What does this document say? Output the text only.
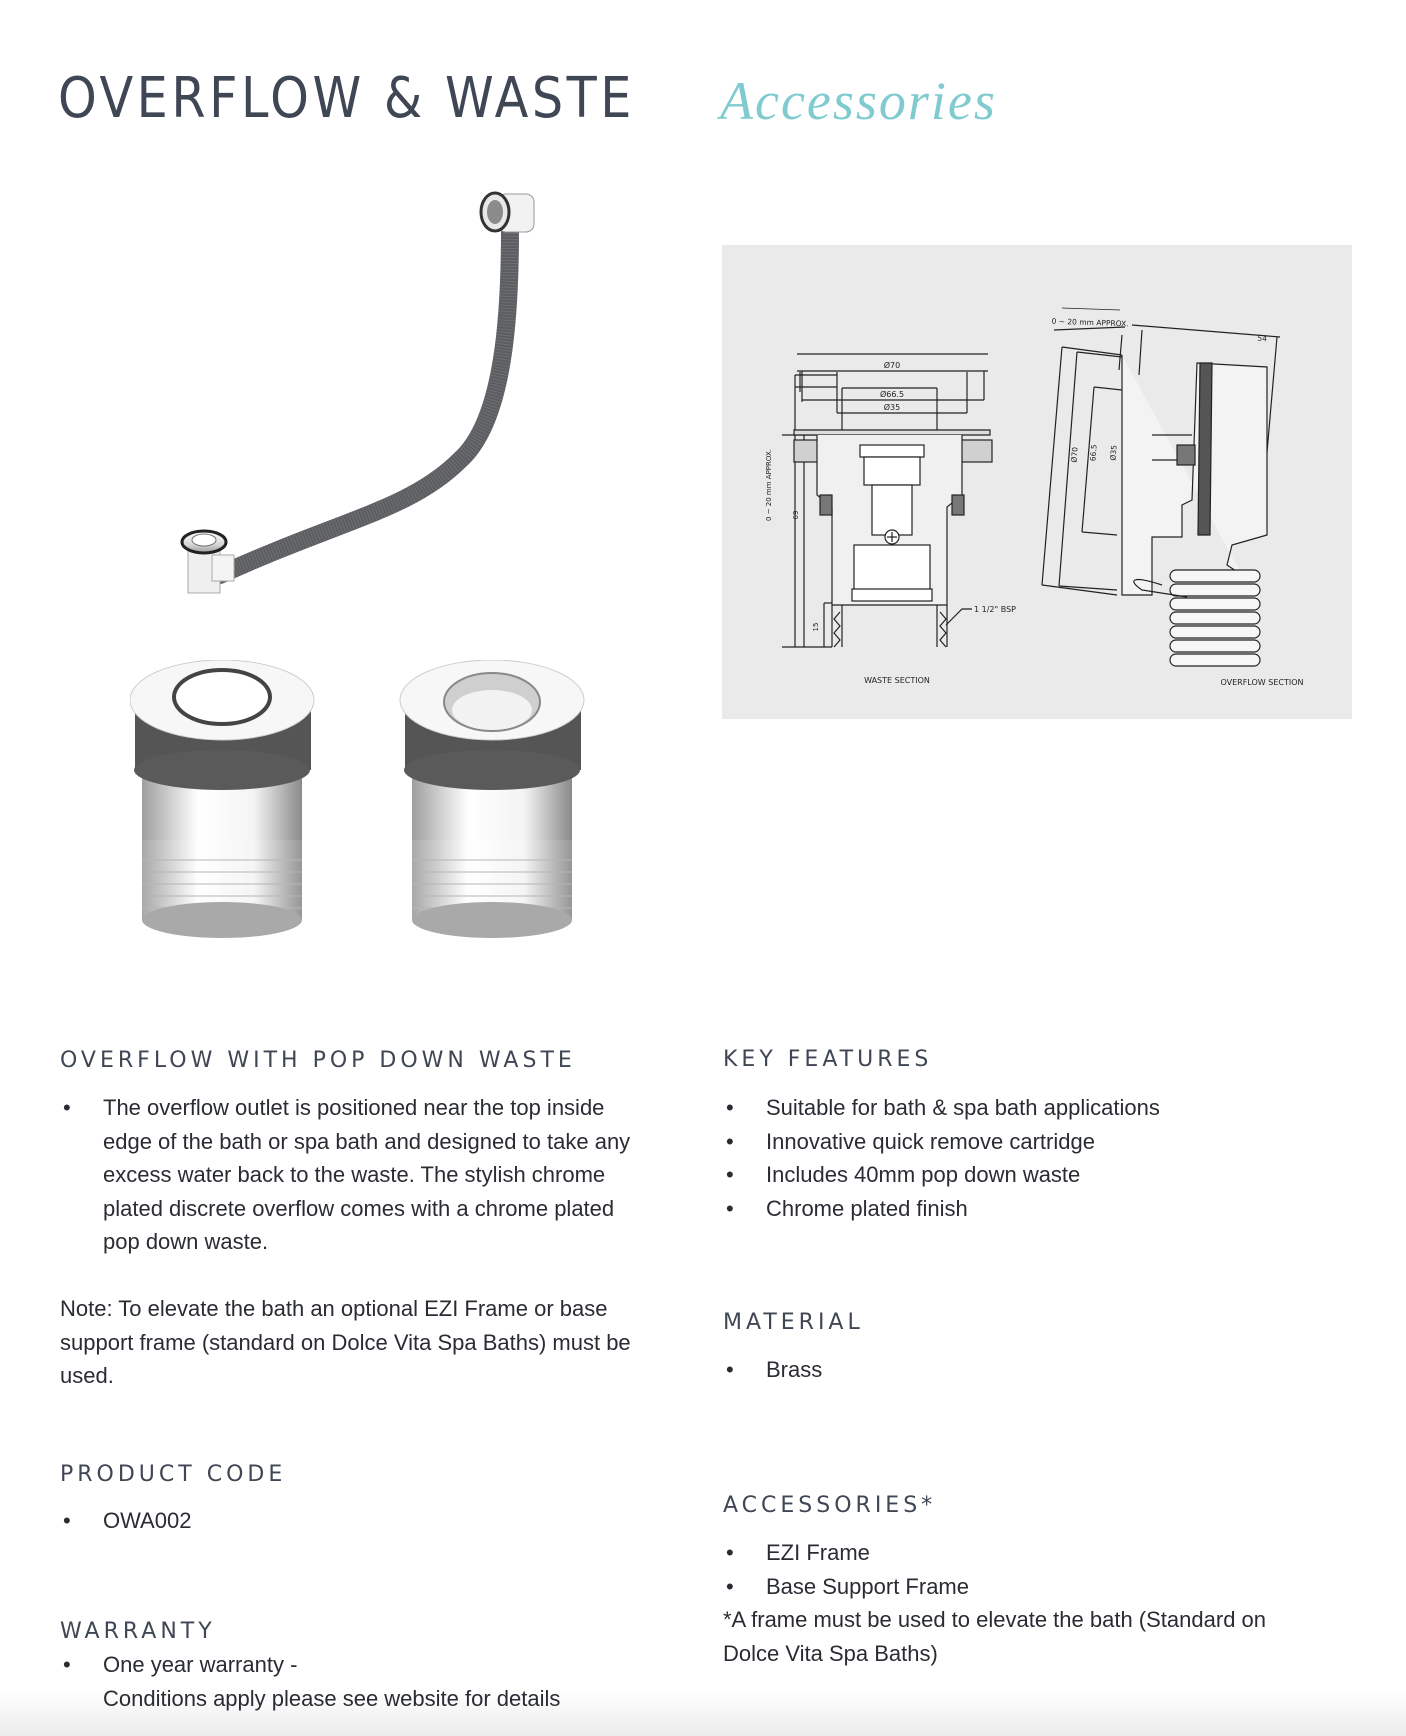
OVERFLOW & WASTE Accessories
Ø70
Ø66.5
Ø35
0 ~ 20 mm APPROX.	69
15
1 1/2" BSP
WASTE SECTION
0 ~ 20 mm APPROX.
54
Ø70 66.5 Ø35
OVERFLOW SECTION
OVERFLOW WITH POP DOWN WASTE
• The overflow outlet is positioned near the top inside
edge of the bath or spa bath and designed to take any
excess water back to the waste. The stylish chrome
plated discrete overflow comes with a chrome plated
pop down waste.

Note: To elevate the bath an optional EZI Frame or base
support frame (standard on Dolce Vita Spa Baths) must be
used.

PRODUCT CODE
• OWA002
WARRANTY
• One year warranty -
Conditions apply please see website for details
KEY FEATURES
• Suitable for bath & spa bath applications
• Innovative quick remove cartridge
• Includes 40mm pop down waste
• Chrome plated finish
MATERIAL
• Brass
ACCESSORIES*
• EZI Frame
• Base Support Frame

*A frame must be used to elevate the bath (Standard on
Dolce Vita Spa Baths)
